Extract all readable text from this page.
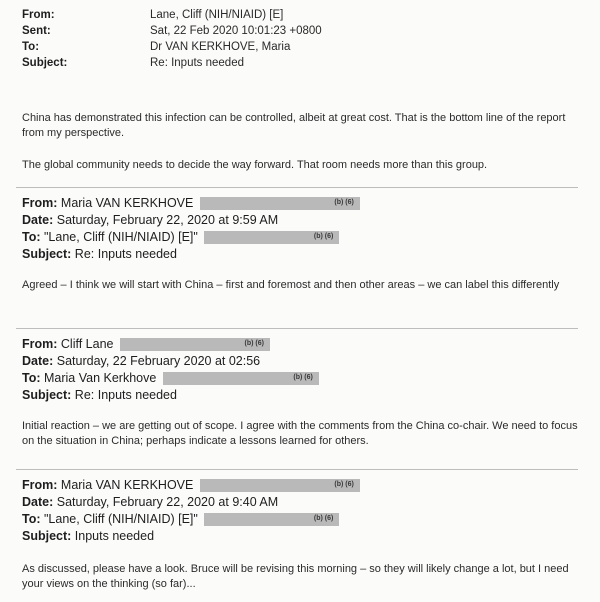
From:	Lane, Cliff (NIH/NIAID) [E]
Sent:	Sat, 22 Feb 2020 10:01:23 +0800
To:	Dr VAN KERKHOVE, Maria
Subject:	Re: Inputs needed
China has demonstrated this infection can be controlled, albeit at great cost. That is the bottom line of the report from my perspective.
The global community needs to decide the way forward. That room needs more than this group.
From: Maria VAN KERKHOVE	(b) (6)
Date: Saturday, February 22, 2020 at 9:59 AM
To: "Lane, Cliff (NIH/NIAID) [E]"	(b) (6)
Subject: Re: Inputs needed
Agreed – I think we will start with China – first and foremost and then other areas – we can label this differently
From: Cliff Lane	(b) (6)
Date: Saturday, 22 February 2020 at 02:56
To: Maria Van Kerkhove	(b) (6)
Subject: Re: Inputs needed
Initial reaction – we are getting out of scope. I agree with the comments from the China co-chair. We need to focus on the situation in China; perhaps indicate a lessons learned for others.
From: Maria VAN KERKHOVE	(b) (6)
Date: Saturday, February 22, 2020 at 9:40 AM
To: "Lane, Cliff (NIH/NIAID) [E]"	(b) (6)
Subject: Inputs needed
As discussed, please have a look. Bruce will be revising this morning – so they will likely change a lot, but I need your views on the thinking (so far)...
